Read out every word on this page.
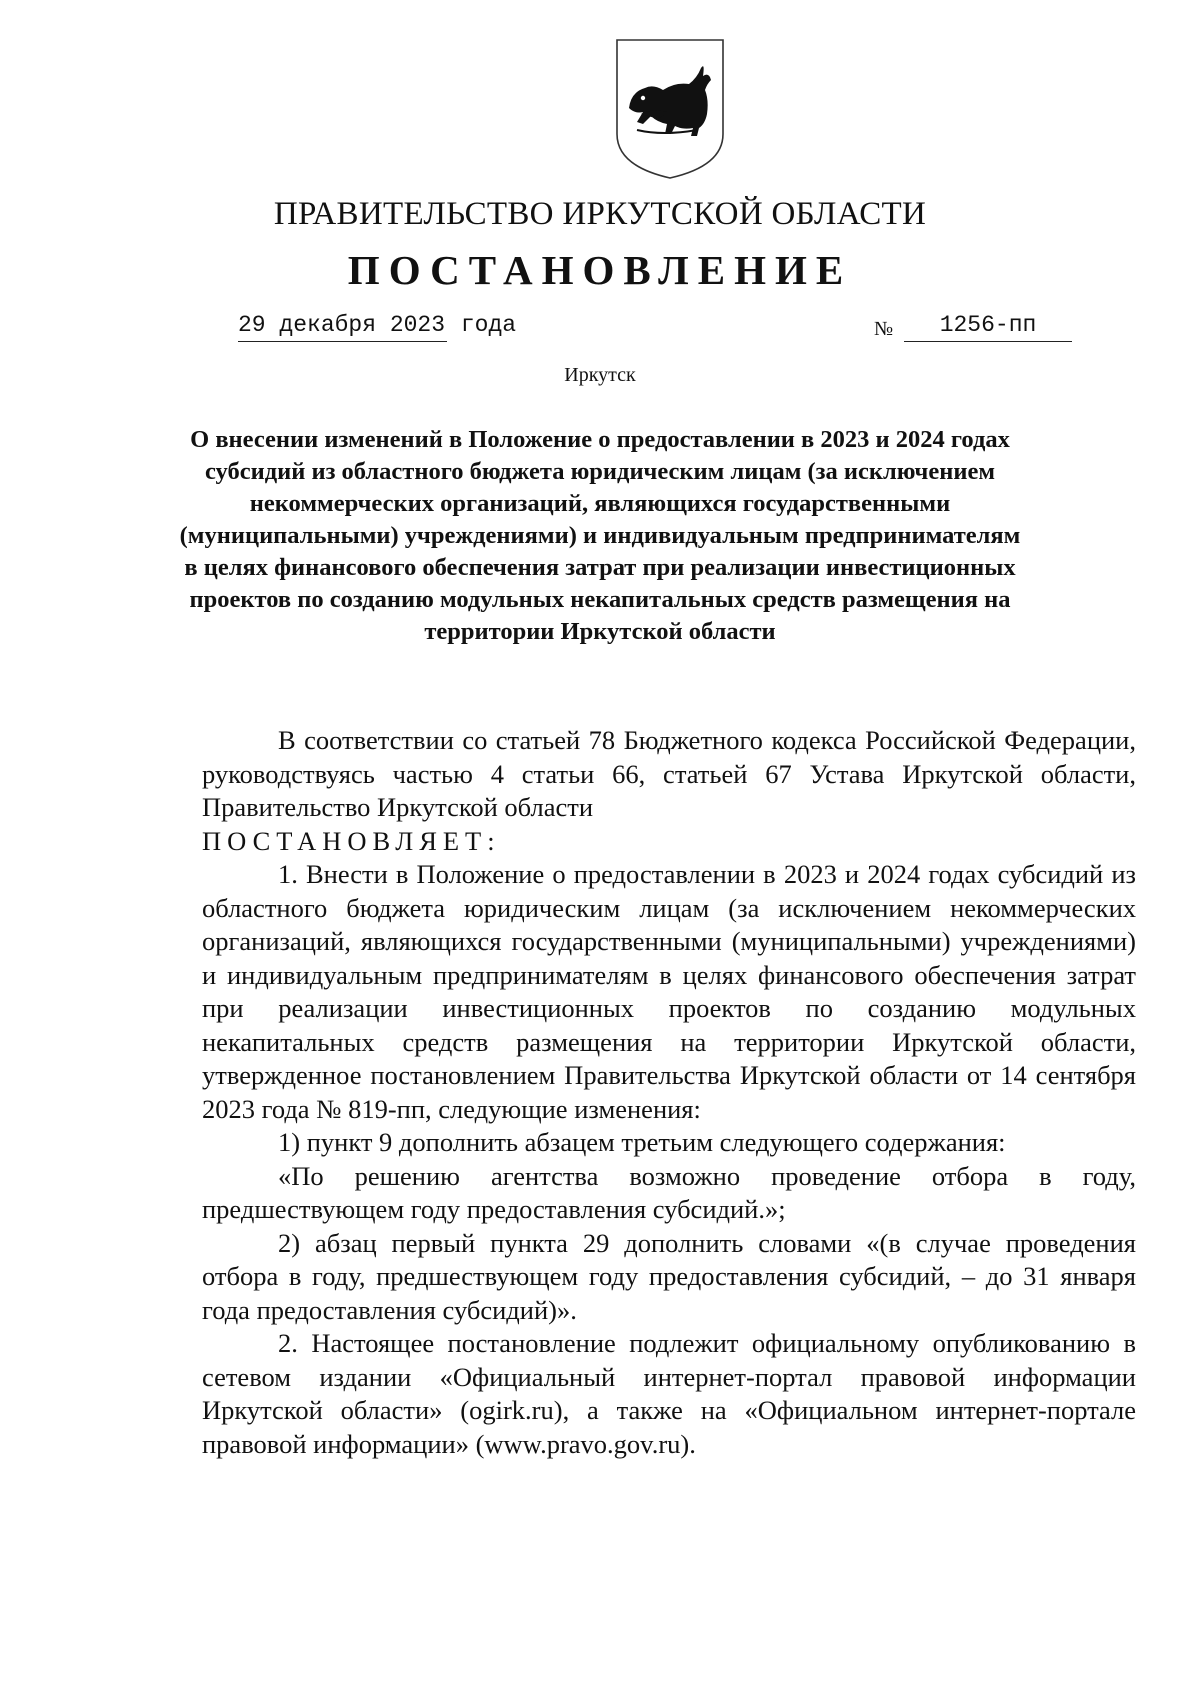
ПРАВИТЕЛЬСТВО ИРКУТСКОЙ ОБЛАСТИ
ПОСТАНОВЛЕНИЕ
29 декабря 2023 года	№	1256-пп
Иркутск
О внесении изменений в Положение о предоставлении в 2023 и 2024 годах субсидий из областного бюджета юридическим лицам (за исключением некоммерческих организаций, являющихся государственными (муниципальными) учреждениями) и индивидуальным предпринимателям в целях финансового обеспечения затрат при реализации инвестиционных проектов по созданию модульных некапитальных средств размещения на территории Иркутской области

В соответствии со статьей 78 Бюджетного кодекса Российской Федерации, руководствуясь частью 4 статьи 66, статьей 67 Устава Иркутской области, Правительство Иркутской области

ПОСТАНОВЛЯЕТ:

1. Внести в Положение о предоставлении в 2023 и 2024 годах субсидий из областного бюджета юридическим лицам (за исключением некоммерческих организаций, являющихся государственными (муниципальными) учреждениями) и индивидуальным предпринимателям в целях финансового обеспечения затрат при реализации инвестиционных проектов по созданию модульных некапитальных средств размещения на территории Иркутской области, утвержденное постановлением Правительства Иркутской области от 14 сентября 2023 года № 819-пп, следующие изменения:

1) пункт 9 дополнить абзацем третьим следующего содержания:

«По решению агентства возможно проведение отбора в году, предшествующем году предоставления субсидий.»;

2) абзац первый пункта 29 дополнить словами «(в случае проведения отбора в году, предшествующем году предоставления субсидий, – до 31 января года предоставления субсидий)».

2. Настоящее постановление подлежит официальному опубликованию в сетевом издании «Официальный интернет-портал правовой информации Иркутской области» (ogirk.ru), а также на «Официальном интернет-портале правовой информации» (www.pravo.gov.ru).
